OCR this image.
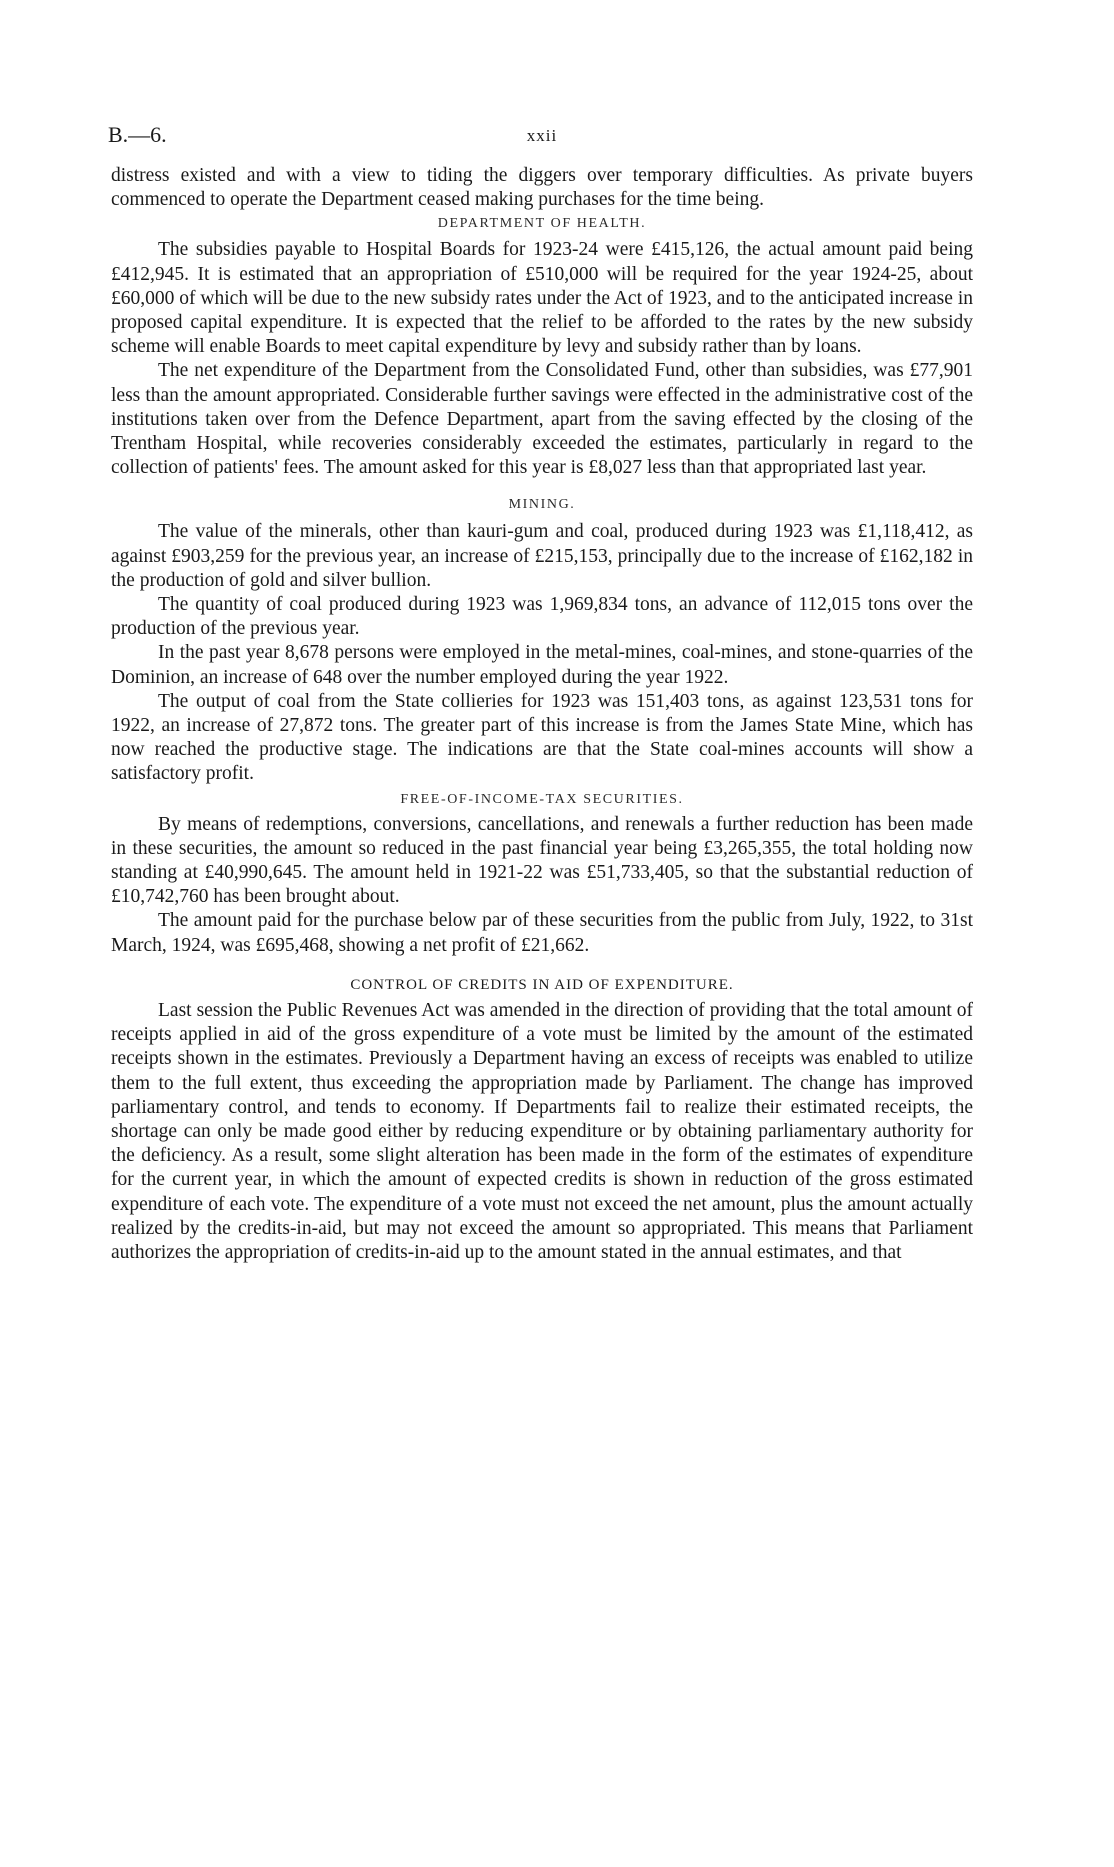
B.—6.	xxii

distress existed and with a view to tiding the diggers over temporary difficulties. As private buyers commenced to operate the Department ceased making purchases for the time being.

DEPARTMENT OF HEALTH.

The subsidies payable to Hospital Boards for 1923-24 were £415,126, the actual amount paid being £412,945. It is estimated that an appropriation of £510,000 will be required for the year 1924-25, about £60,000 of which will be due to the new subsidy rates under the Act of 1923, and to the anticipated increase in proposed capital expenditure. It is expected that the relief to be afforded to the rates by the new subsidy scheme will enable Boards to meet capital expenditure by levy and subsidy rather than by loans.

The net expenditure of the Department from the Consolidated Fund, other than subsidies, was £77,901 less than the amount appropriated. Considerable further savings were effected in the administrative cost of the institutions taken over from the Defence Department, apart from the saving effected by the closing of the Trentham Hospital, while recoveries considerably exceeded the estimates, particularly in regard to the collection of patients' fees. The amount asked for this year is £8,027 less than that appropriated last year.

MINING.

The value of the minerals, other than kauri-gum and coal, produced during 1923 was £1,118,412, as against £903,259 for the previous year, an increase of £215,153, principally due to the increase of £162,182 in the production of gold and silver bullion.

The quantity of coal produced during 1923 was 1,969,834 tons, an advance of 112,015 tons over the production of the previous year.

In the past year 8,678 persons were employed in the metal-mines, coal-mines, and stone-quarries of the Dominion, an increase of 648 over the number employed during the year 1922.

The output of coal from the State collieries for 1923 was 151,403 tons, as against 123,531 tons for 1922, an increase of 27,872 tons. The greater part of this increase is from the James State Mine, which has now reached the productive stage. The indications are that the State coal-mines accounts will show a satisfactory profit.

FREE-OF-INCOME-TAX SECURITIES.

By means of redemptions, conversions, cancellations, and renewals a further reduction has been made in these securities, the amount so reduced in the past financial year being £3,265,355, the total holding now standing at £40,990,645. The amount held in 1921-22 was £51,733,405, so that the substantial reduction of £10,742,760 has been brought about.

The amount paid for the purchase below par of these securities from the public from July, 1922, to 31st March, 1924, was £695,468, showing a net profit of £21,662.

CONTROL OF CREDITS IN AID OF EXPENDITURE.

Last session the Public Revenues Act was amended in the direction of providing that the total amount of receipts applied in aid of the gross expenditure of a vote must be limited by the amount of the estimated receipts shown in the estimates. Previously a Department having an excess of receipts was enabled to utilize them to the full extent, thus exceeding the appropriation made by Parliament. The change has improved parliamentary control, and tends to economy. If Departments fail to realize their estimated receipts, the shortage can only be made good either by reducing expenditure or by obtaining parliamentary authority for the deficiency. As a result, some slight alteration has been made in the form of the estimates of expenditure for the current year, in which the amount of expected credits is shown in reduction of the gross estimated expenditure of each vote. The expenditure of a vote must not exceed the net amount, plus the amount actually realized by the credits-in-aid, but may not exceed the amount so appropriated. This means that Parliament authorizes the appropriation of credits-in-aid up to the amount stated in the annual estimates, and that
